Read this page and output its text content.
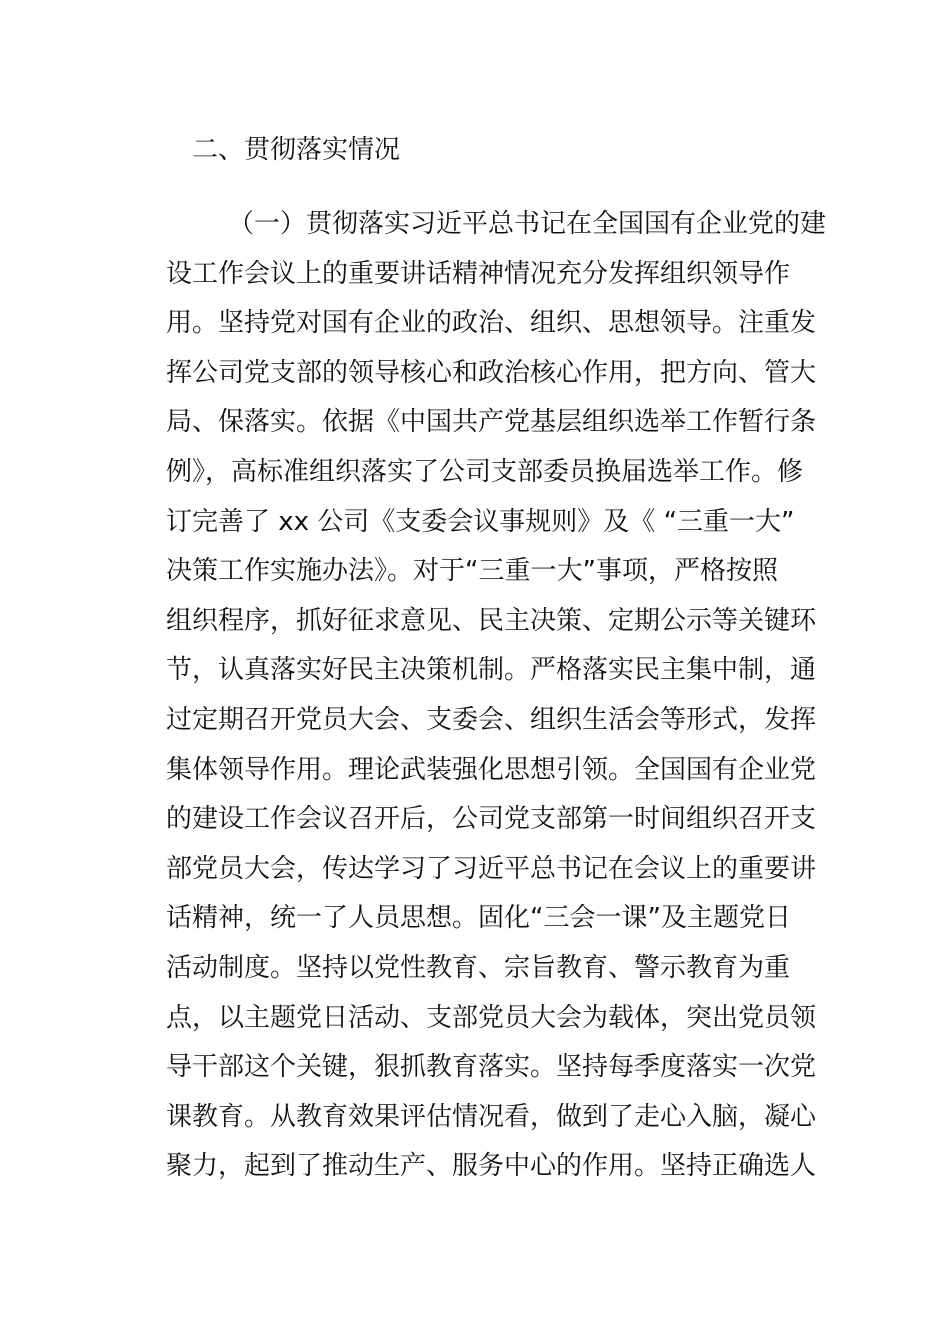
二、贯彻落实情况
（一）贯彻落实习近平总书记在全国国有企业党的建
设工作会议上的重要讲话精神情况充分发挥组织领导作
用。坚持党对国有企业的政治、组织、思想领导。注重发
挥公司党支部的领导核心和政治核心作用，把方向、管大
局、保落实。依据《中国共产党基层组织选举工作暂行条
例》，高标准组织落实了公司支部委员换届选举工作。修
订完善了 xx 公司《支委会议事规则》及《 “三重一大”
决策工作实施办法》。对于“三重一大”事项，严格按照
组织程序，抓好征求意见、民主决策、定期公示等关键环
节，认真落实好民主决策机制。严格落实民主集中制，通
过定期召开党员大会、支委会、组织生活会等形式，发挥
集体领导作用。理论武装强化思想引领。全国国有企业党
的建设工作会议召开后，公司党支部第一时间组织召开支
部党员大会，传达学习了习近平总书记在会议上的重要讲
话精神，统一了人员思想。固化“三会一课”及主题党日
活动制度。坚持以党性教育、宗旨教育、警示教育为重
点，以主题党日活动、支部党员大会为载体，突出党员领
导干部这个关键，狠抓教育落实。坚持每季度落实一次党
课教育。从教育效果评估情况看，做到了走心入脑，凝心
聚力，起到了推动生产、服务中心的作用。坚持正确选人
